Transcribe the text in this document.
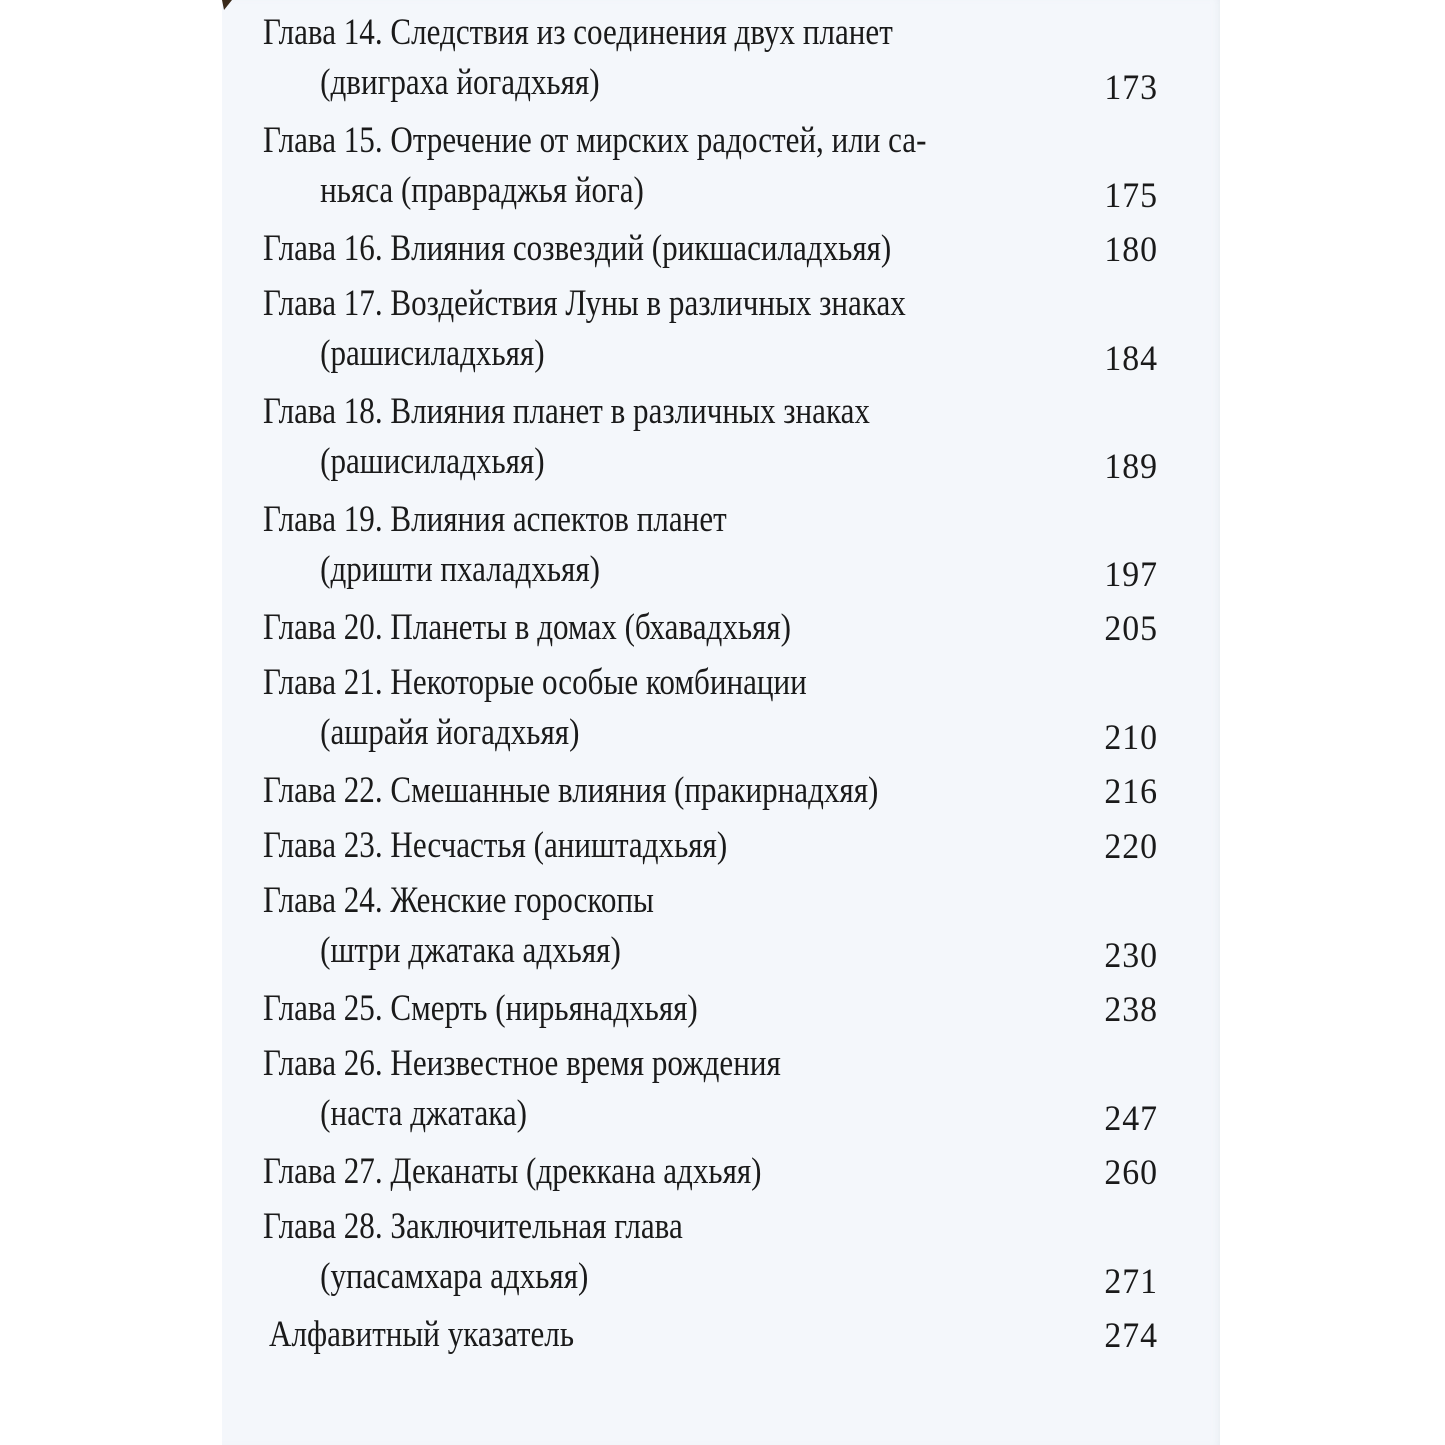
Глава 14. Следствия из соединения двух планет
(двиграха йогадхьяя)	173
Глава 15. Отречение от мирских радостей, или са-
ньяса (правраджья йога)	175
Глава 16. Влияния созвездий (рикшасиладхьяя)	180
Глава 17. Воздействия Луны в различных знаках
(рашисиладхьяя)	184
Глава 18. Влияния планет в различных знаках
(рашисиладхьяя)	189
Глава 19. Влияния аспектов планет
(дришти пхаладхьяя)	197
Глава 20. Планеты в домах (бхавадхьяя)	205
Глава 21. Некоторые особые комбинации
(ашрайя йогадхьяя)	210
Глава 22. Смешанные влияния (пракирнадхяя)	216
Глава 23. Несчастья (аништадхьяя)	220
Глава 24. Женские гороскопы
(штри джатака адхьяя)	230
Глава 25. Смерть (нирьянадхьяя)	238
Глава 26. Неизвестное время рождения
(наста джатака)	247
Глава 27. Деканаты (дреккана адхьяя)	260
Глава 28. Заключительная глава
(упасамхара адхьяя)	271
Алфавитный указатель	274
